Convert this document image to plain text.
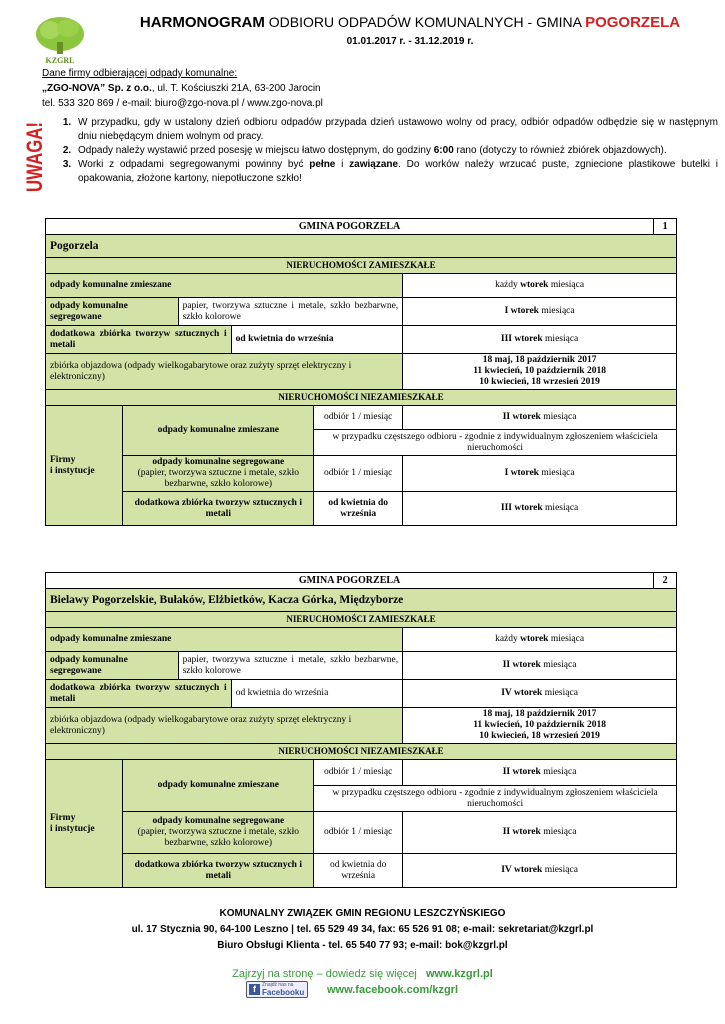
KZGRL
HARMONOGRAM ODBIORU ODPADÓW KOMUNALNYCH - GMINA POGORZELA
01.01.2017 r. - 31.12.2019 r.
Dane firmy odbierającej odpady komunalne:
„ZGO-NOVA” Sp. z o.o., ul. T. Kościuszki 21A, 63-200 Jarocin
tel. 533 320 869 / e-mail: biuro@zgo-nova.pl / www.zgo-nova.pl
UWAGA!	1. W przypadku, gdy w ustalony dzień odbioru odpadów przypada dzień ustawowo wolny od pracy, odbiór odpadów odbędzie się w następnym dniu niebędącym dniem wolnym od pracy.
2. Odpady należy wystawić przed posesję w miejscu łatwo dostępnym, do godziny 6:00 rano (dotyczy to również zbiórek objazdowych).
3. Worki z odpadami segregowanymi powinny być pełne i zawiązane. Do worków należy wrzucać puste, zgniecione plastikowe butelki i opakowania, złożone kartony, niepotłuczone szkło!
GMINA POGORZELA						1
Pogorzela						
NIERUCHOMOŚCI ZAMIESZKAŁE						
odpady komunalne zmieszane					każdy wtorek miesiąca	
odpady komunalne segregowane		papier, tworzywa sztuczne i metale, szkło bezbarwne, szkło kolorowe			I wtorek miesiąca	
dodatkowa zbiórka tworzyw sztucznych i metali			od kwietnia do września		III wtorek miesiąca	
zbiórka objazdowa (odpady wielkogabarytowe oraz zużyty sprzęt elektryczny i elektroniczny)					18 maj, 18 październik 2017
11 kwiecień, 10 październik 2018
10 kwiecień, 18 wrzesień 2019	

NIERUCHOMOŚCI NIEZAMIESZKAŁE						

Firmy
i instytucje	odpady komunalne zmieszane			odbiór 1 / miesiąc	II wtorek miesiąca	
				w przypadku częstszego odbioru - zgodnie z indywidualnym zgłoszeniem właściciela nieruchomości		
	odpady komunalne segregowane
(papier, tworzywa sztuczne i metale, szkło bezbarwne, szkło kolorowe)			odbiór 1 / miesiąc	I wtorek miesiąca	
	dodatkowa zbiórka tworzyw sztucznych i metali			od kwietnia do września	III wtorek miesiąca	
GMINA POGORZELA						2
Bielawy Pogorzelskie, Bułaków, Elżbietków, Kacza Górka, Międzyborze						
NIERUCHOMOŚCI ZAMIESZKAŁE						
odpady komunalne zmieszane					każdy wtorek miesiąca	
odpady komunalne segregowane		papier, tworzywa sztuczne i metale, szkło bezbarwne, szkło kolorowe			II wtorek miesiąca	
dodatkowa zbiórka tworzyw sztucznych i metali			od kwietnia do września		IV wtorek miesiąca	
zbiórka objazdowa (odpady wielkogabarytowe oraz zużyty sprzęt elektryczny i elektroniczny)					18 maj, 18 październik 2017
11 kwiecień, 10 październik 2018
10 kwiecień, 18 wrzesień 2019	

NIERUCHOMOŚCI NIEZAMIESZKAŁE						

Firmy
i instytucje	odpady komunalne zmieszane			odbiór 1 / miesiąc	II wtorek miesiąca	
				w przypadku częstszego odbioru - zgodnie z indywidualnym zgłoszeniem właściciela nieruchomości		
	odpady komunalne segregowane
(papier, tworzywa sztuczne i metale, szkło bezbarwne, szkło kolorowe)			odbiór 1 / miesiąc	II wtorek miesiąca	
	dodatkowa zbiórka tworzyw sztucznych i metali			od kwietnia do września	IV wtorek miesiąca	
KOMUNALNY ZWIĄZEK GMIN REGIONU LESZCZYŃSKIEGO
ul. 17 Stycznia 90, 64-100 Leszno | tel. 65 529 49 34, fax: 65 526 91 08; e-mail: sekretariat@kzgrl.pl
Biuro Obsługi Klienta - tel. 65 540 77 93; e-mail: bok@kzgrl.pl
Zajrzyj na stronę – dowiedz się więcej www.kzgrl.pl
f	Znajdź nas na
Facebooku	www.facebook.com/kzgrl
